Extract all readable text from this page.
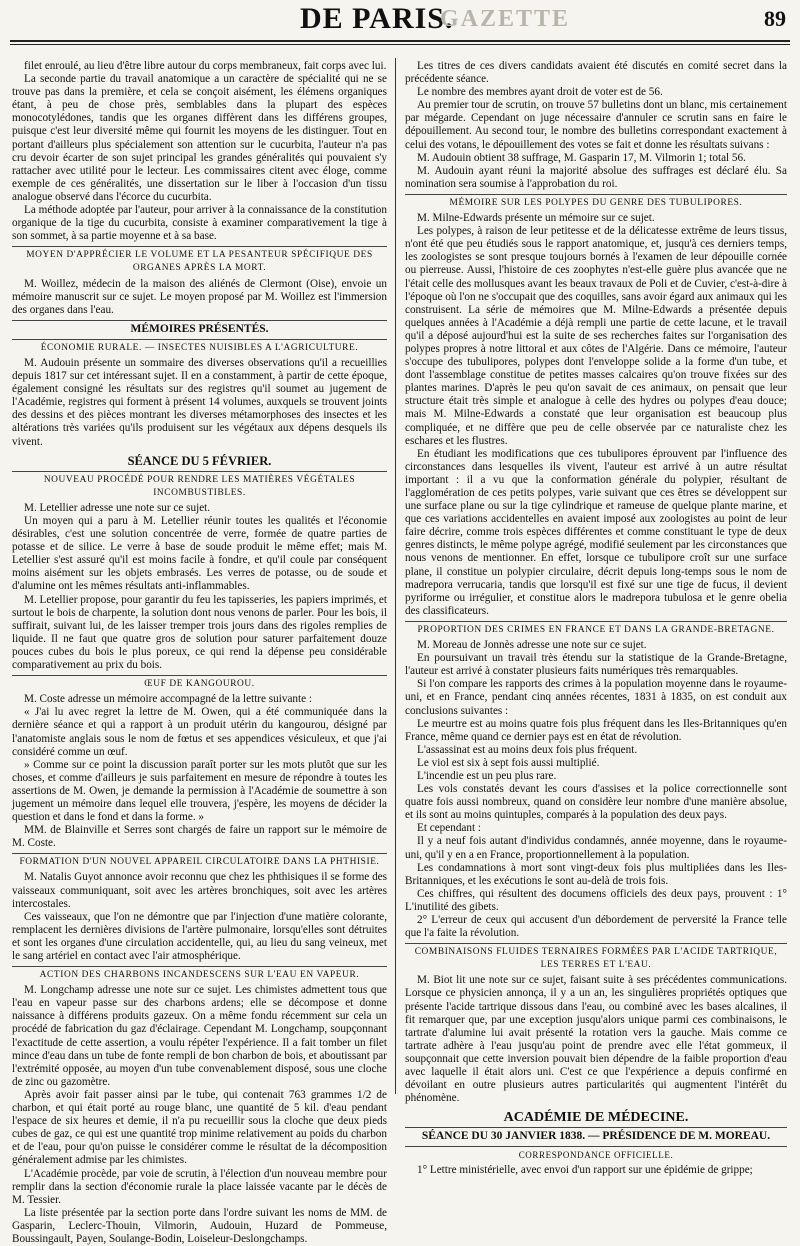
DE PARIS.
GAZETTE	89

filet enroulé, au lieu d'être libre autour du corps membraneux, fait corps avec lui.

La seconde partie du travail anatomique a un caractère de spécialité qui ne se trouve pas dans la première, et cela se conçoit aisément, les élémens organiques étant, à peu de chose près, semblables dans la plupart des espèces monocotylédones, tandis que les organes diffèrent dans les différens groupes, puisque c'est leur diversité même qui fournit les moyens de les distinguer. Tout en portant d'ailleurs plus spécialement son attention sur le cucurbita, l'auteur n'a pas cru devoir écarter de son sujet principal les grandes généralités qui pouvaient s'y rattacher avec utilité pour le lecteur. Les commissaires citent avec éloge, comme exemple de ces généralités, une dissertation sur le liber à l'occasion d'un tissu analogue observé dans l'écorce du cucurbita.

La méthode adoptée par l'auteur, pour arriver à la connaissance de la constitution organique de la tige du cucurbita, consiste à examiner comparativement la tige à son sommet, à sa partie moyenne et à sa base.

MOYEN D'APPRÉCIER LE VOLUME ET LA PESANTEUR SPÉCIFIQUE DES ORGANES APRÈS LA MORT.

M. Woillez, médecin de la maison des aliénés de Clermont (Oise), envoie un mémoire manuscrit sur ce sujet. Le moyen proposé par M. Woillez est l'immersion des organes dans l'eau.

MÉMOIRES PRÉSENTÉS.

ÉCONOMIE RURALE. — INSECTES NUISIBLES A L'AGRICULTURE.

M. Audouin présente un sommaire des diverses observations qu'il a recueillies depuis 1817 sur cet intéressant sujet. Il en a constamment, à partir de cette époque, également consigné les résultats sur des registres qu'il soumet au jugement de l'Académie, registres qui forment à présent 14 volumes, auxquels se trouvent joints des dessins et des pièces montrant les diverses métamorphoses des insectes et les altérations très variées qu'ils produisent sur les végétaux aux dépens desquels ils vivent.

SÉANCE DU 5 FÉVRIER.

NOUVEAU PROCÉDÉ POUR RENDRE LES MATIÈRES VÉGÉTALES INCOMBUSTIBLES.

M. Letellier adresse une note sur ce sujet.

Un moyen qui a paru à M. Letellier réunir toutes les qualités et l'économie désirables, c'est une solution concentrée de verre, formée de quatre parties de potasse et de silice. Le verre à base de soude produit le même effet; mais M. Letellier s'est assuré qu'il est moins facile à fondre, et qu'il coule par conséquent moins aisément sur les objets embrasés. Les verres de potasse, ou de soude et d'alumine ont les mêmes résultats anti-inflammables.

M. Letellier propose, pour garantir du feu les tapisseries, les papiers imprimés, et surtout le bois de charpente, la solution dont nous venons de parler. Pour les bois, il suffirait, suivant lui, de les laisser tremper trois jours dans des rigoles remplies de liquide. Il ne faut que quatre gros de solution pour saturer parfaitement douze pouces cubes du bois le plus poreux, ce qui rend la dépense peu considérable comparativement au prix du bois.

ŒUF DE KANGOUROU.

M. Coste adresse un mémoire accompagné de la lettre suivante :

« J'ai lu avec regret la lettre de M. Owen, qui a été communiquée dans la dernière séance et qui a rapport à un produit utérin du kangourou, désigné par l'anatomiste anglais sous le nom de fœtus et ses appendices vésiculeux, et que j'ai considéré comme un œuf.

» Comme sur ce point la discussion paraît porter sur les mots plutôt que sur les choses, et comme d'ailleurs je suis parfaitement en mesure de répondre à toutes les assertions de M. Owen, je demande la permission à l'Académie de soumettre à son jugement un mémoire dans lequel elle trouvera, j'espère, les moyens de décider la question et dans le fond et dans la forme. »

MM. de Blainville et Serres sont chargés de faire un rapport sur le mémoire de M. Coste.

FORMATION D'UN NOUVEL APPAREIL CIRCULATOIRE DANS LA PHTHISIE.

M. Natalis Guyot annonce avoir reconnu que chez les phthisiques il se forme des vaisseaux communiquant, soit avec les artères bronchiques, soit avec les artères intercostales.

Ces vaisseaux, que l'on ne démontre que par l'injection d'une matière colorante, remplacent les dernières divisions de l'artère pulmonaire, lorsqu'elles sont détruites et sont les organes d'une circulation accidentelle, qui, au lieu du sang veineux, met le sang artériel en contact avec l'air atmosphérique.

ACTION DES CHARBONS INCANDESCENS SUR L'EAU EN VAPEUR.

M. Longchamp adresse une note sur ce sujet. Les chimistes admettent tous que l'eau en vapeur passe sur des charbons ardens; elle se décompose et donne naissance à différens produits gazeux. On a même fondu récemment sur cela un procédé de fabrication du gaz d'éclairage. Cependant M. Longchamp, soupçonnant l'exactitude de cette assertion, a voulu répéter l'expérience. Il a fait tomber un filet mince d'eau dans un tube de fonte rempli de bon charbon de bois, et aboutissant par l'extrémité opposée, au moyen d'un tube convenablement disposé, sous une cloche de zinc ou gazomètre.

Après avoir fait passer ainsi par le tube, qui contenait 763 grammes 1/2 de charbon, et qui était porté au rouge blanc, une quantité de 5 kil. d'eau pendant l'espace de six heures et demie, il n'a pu recueillir sous la cloche que deux pieds cubes de gaz, ce qui est une quantité trop minime relativement au poids du charbon et de l'eau, pour qu'on puisse le considérer comme le résultat de la décomposition généralement admise par les chimistes.

L'Académie procède, par voie de scrutin, à l'élection d'un nouveau membre pour remplir dans la section d'économie rurale la place laissée vacante par le décès de M. Tessier.

La liste présentée par la section porte dans l'ordre suivant les noms de MM. de Gasparin, Leclerc-Thouin, Vilmorin, Audouin, Huzard de Pommeuse, Boussingault, Payen, Soulange-Bodin, Loiseleur-Deslongchamps.

Les titres de ces divers candidats avaient été discutés en comité secret dans la précédente séance.

Le nombre des membres ayant droit de voter est de 56.

Au premier tour de scrutin, on trouve 57 bulletins dont un blanc, mis certainement par mégarde. Cependant on juge nécessaire d'annuler ce scrutin sans en faire le dépouillement. Au second tour, le nombre des bulletins correspondant exactement à celui des votans, le dépouillement des votes se fait et donne les résultats suivans :

M. Audouin obtient 38 suffrage, M. Gasparin 17, M. Vilmorin 1; total 56.

M. Audouin ayant réuni la majorité absolue des suffrages est déclaré élu. Sa nomination sera soumise à l'approbation du roi.

MÉMOIRE SUR LES POLYPES DU GENRE DES TUBULIPORES.

M. Milne-Edwards présente un mémoire sur ce sujet.

Les polypes, à raison de leur petitesse et de la délicatesse extrême de leurs tissus, n'ont été que peu étudiés sous le rapport anatomique, et, jusqu'à ces derniers temps, les zoologistes se sont presque toujours bornés à l'examen de leur dépouille cornée ou pierreuse. Aussi, l'histoire de ces zoophytes n'est-elle guère plus avancée que ne l'était celle des mollusques avant les beaux travaux de Poli et de Cuvier, c'est-à-dire à l'époque où l'on ne s'occupait que des coquilles, sans avoir égard aux animaux qui les construisent. La série de mémoires que M. Milne-Edwards a présentée depuis quelques années à l'Académie a déjà rempli une partie de cette lacune, et le travail qu'il a déposé aujourd'hui est la suite de ses recherches faites sur l'organisation des polypes propres à notre littoral et aux côtes de l'Algérie. Dans ce mémoire, l'auteur s'occupe des tubulipores, polypes dont l'enveloppe solide a la forme d'un tube, et dont l'assemblage constitue de petites masses calcaires qu'on trouve fixées sur des plantes marines. D'après le peu qu'on savait de ces animaux, on pensait que leur structure était très simple et analogue à celle des hydres ou polypes d'eau douce; mais M. Milne-Edwards a constaté que leur organisation est beaucoup plus compliquée, et ne diffère que peu de celle observée par ce naturaliste chez les eschares et les flustres.

En étudiant les modifications que ces tubulipores éprouvent par l'influence des circonstances dans lesquelles ils vivent, l'auteur est arrivé à un autre résultat important : il a vu que la conformation générale du polypier, résultant de l'agglomération de ces petits polypes, varie suivant que ces êtres se développent sur une surface plane ou sur la tige cylindrique et rameuse de quelque plante marine, et que ces variations accidentelles en avaient imposé aux zoologistes au point de leur faire décrire, comme trois espèces différentes et comme constituant le type de deux genres distincts, le même polype agrégé, modifié seulement par les circonstances que nous venons de mentionner. En effet, lorsque ce tubulipore croît sur une surface plane, il constitue un polypier circulaire, décrit depuis long-temps sous le nom de madrepora verrucaria, tandis que lorsqu'il est fixé sur une tige de fucus, il devient pyriforme ou irrégulier, et constitue alors le madrepora tubulosa et le genre obelia des classificateurs.

PROPORTION DES CRIMES EN FRANCE ET DANS LA GRANDE-BRETAGNE.

M. Moreau de Jonnès adresse une note sur ce sujet.

En poursuivant un travail très étendu sur la statistique de la Grande-Bretagne, l'auteur est arrivé à constater plusieurs faits numériques très remarquables.

Si l'on compare les rapports des crimes à la population moyenne dans le royaume-uni, et en France, pendant cinq années récentes, 1831 à 1835, on est conduit aux conclusions suivantes :

Le meurtre est au moins quatre fois plus fréquent dans les Iles-Britanniques qu'en France, même quand ce dernier pays est en état de révolution.

L'assassinat est au moins deux fois plus fréquent.

Le viol est six à sept fois aussi multiplié.

L'incendie est un peu plus rare.

Les vols constatés devant les cours d'assises et la police correctionnelle sont quatre fois aussi nombreux, quand on considère leur nombre d'une manière absolue, et ils sont au moins quintuples, comparés à la population des deux pays.

Et cependant :

Il y a neuf fois autant d'individus condamnés, année moyenne, dans le royaume-uni, qu'il y en a en France, proportionnellement à la population.

Les condamnations à mort sont vingt-deux fois plus multipliées dans les Iles-Britanniques, et les exécutions le sont au-delà de trois fois.

Ces chiffres, qui résultent des documens officiels des deux pays, prouvent : 1° L'inutilité des gibets.

2° L'erreur de ceux qui accusent d'un débordement de perversité la France telle que l'a faite la révolution.

COMBINAISONS FLUIDES TERNAIRES FORMÉES PAR L'ACIDE TARTRIQUE, LES TERRES ET L'EAU.

M. Biot lit une note sur ce sujet, faisant suite à ses précédentes communications. Lorsque ce physicien annonça, il y a un an, les singulières propriétés optiques que présente l'acide tartrique dissous dans l'eau, ou combiné avec les bases alcalines, il fit remarquer que, par une exception jusqu'alors unique parmi ces combinaisons, le tartrate d'alumine lui avait présenté la rotation vers la gauche. Mais comme ce tartrate adhère à l'eau jusqu'au point de prendre avec elle l'état gommeux, il soupçonnait que cette inversion pouvait bien dépendre de la faible proportion d'eau avec laquelle il était alors uni. C'est ce que l'expérience a depuis confirmé en dévoilant en outre plusieurs autres particularités qui augmentent l'intérêt du phénomène.

ACADÉMIE DE MÉDECINE.

SÉANCE DU 30 JANVIER 1838. — PRÉSIDENCE DE M. MOREAU.

CORRESPONDANCE OFFICIELLE.

1° Lettre ministérielle, avec envoi d'un rapport sur une épidémie de grippe;
